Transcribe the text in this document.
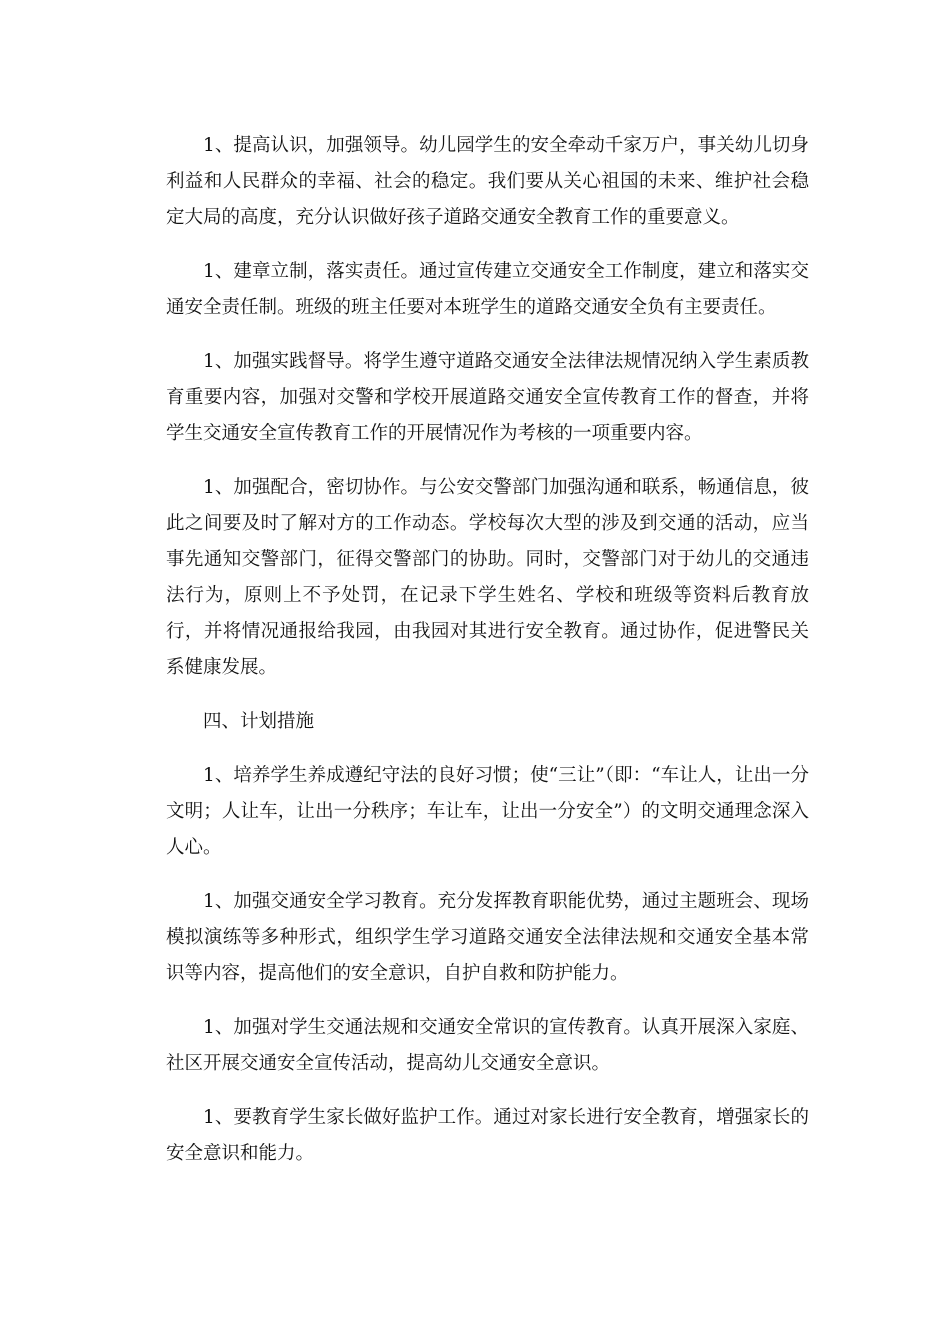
1、提高认识，加强领导。幼儿园学生的安全牵动千家万户，事关幼儿切身利益和人民群众的幸福、社会的稳定。我们要从关心祖国的未来、维护社会稳定大局的高度，充分认识做好孩子道路交通安全教育工作的重要意义。

1、建章立制，落实责任。通过宣传建立交通安全工作制度，建立和落实交通安全责任制。班级的班主任要对本班学生的道路交通安全负有主要责任。

1、加强实践督导。将学生遵守道路交通安全法律法规情况纳入学生素质教育重要内容，加强对交警和学校开展道路交通安全宣传教育工作的督查，并将学生交通安全宣传教育工作的开展情况作为考核的一项重要内容。

1、加强配合，密切协作。与公安交警部门加强沟通和联系，畅通信息，彼此之间要及时了解对方的工作动态。学校每次大型的涉及到交通的活动，应当事先通知交警部门，征得交警部门的协助。同时，交警部门对于幼儿的交通违法行为，原则上不予处罚，在记录下学生姓名、学校和班级等资料后教育放行，并将情况通报给我园，由我园对其进行安全教育。通过协作，促进警民关系健康发展。

四、计划措施

1、培养学生养成遵纪守法的良好习惯；使“三让”（即：“车让人，让出一分文明；人让车，让出一分秩序；车让车，让出一分安全”）的文明交通理念深入人心。

1、加强交通安全学习教育。充分发挥教育职能优势，通过主题班会、现场模拟演练等多种形式，组织学生学习道路交通安全法律法规和交通安全基本常识等内容，提高他们的安全意识，自护自救和防护能力。

1、加强对学生交通法规和交通安全常识的宣传教育。认真开展深入家庭、社区开展交通安全宣传活动，提高幼儿交通安全意识。

1、要教育学生家长做好监护工作。通过对家长进行安全教育，增强家长的安全意识和能力。
